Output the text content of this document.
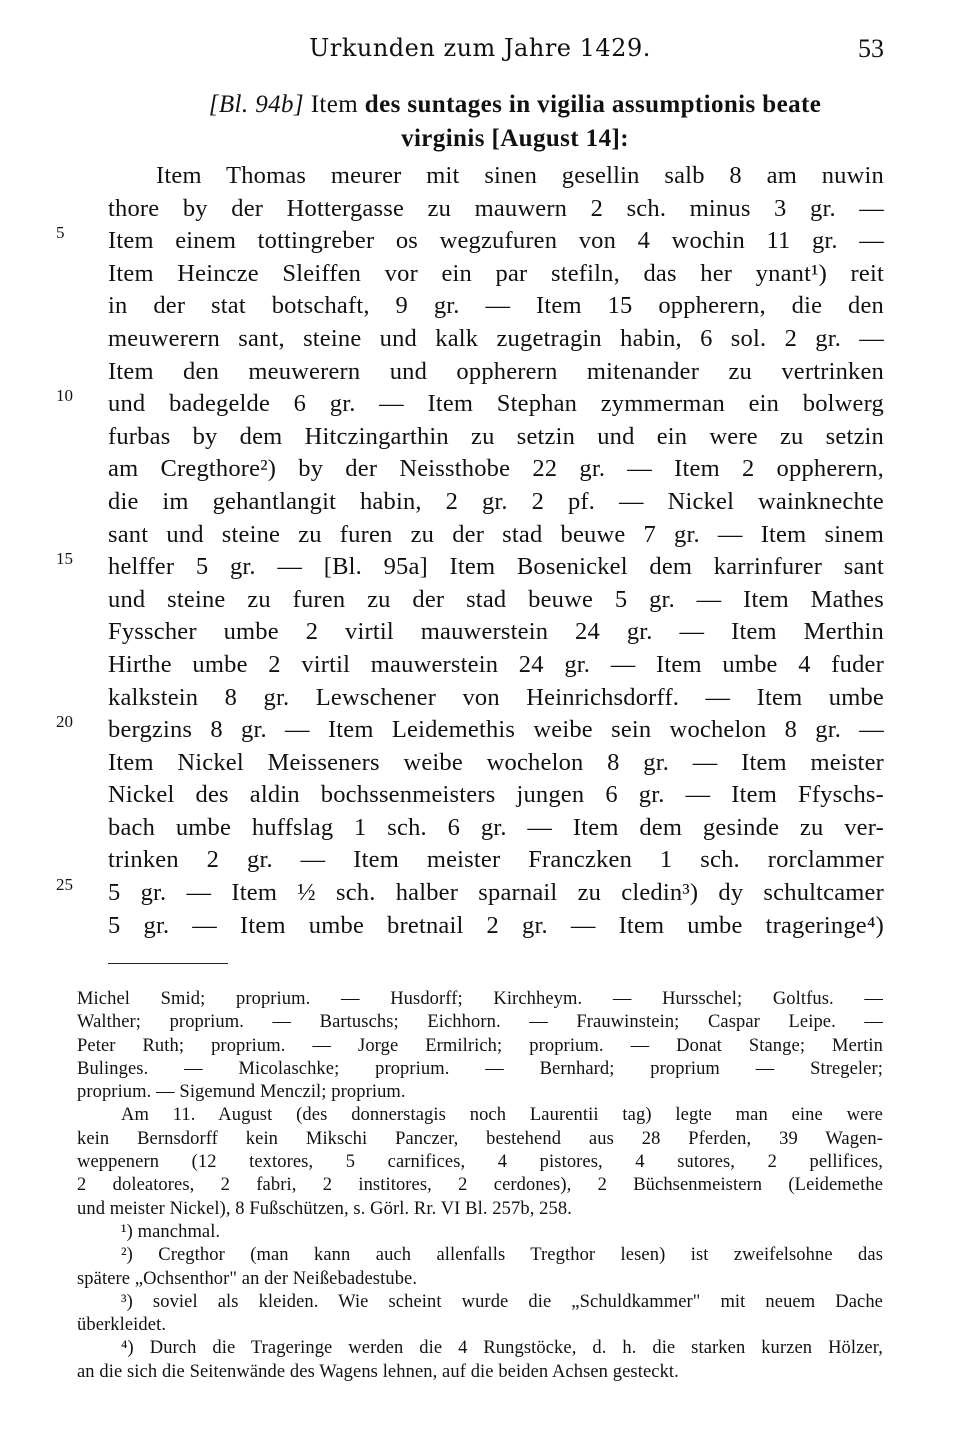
Urkunden zum Jahre 1429.	53
[Bl. 94b] Item des suntages in vigilia assumptionis beate
virginis [August 14]:
5
10
15
20
25
Item Thomas meurer mit sinen gesellin salb 8 am nuwin
thore by der Hottergasse zu mauwern 2 sch. minus 3 gr. —
Item einem tottingreber os wegzufuren von 4 wochin 11 gr. —
Item Heincze Sleiffen vor ein par stefiln, das her ynant¹) reit
in der stat botschaft, 9 gr. — Item 15 oppherern, die den
meuwerern sant, steine und kalk zugetragin habin, 6 sol. 2 gr. —
Item den meuwerern und oppherern mitenander zu vertrinken
und badegelde 6 gr. — Item Stephan zymmerman ein bolwerg
furbas by dem Hitczingarthin zu setzin und ein were zu setzin
am Cregthore²) by der Neissthobe 22 gr. — Item 2 oppherern,
die im gehantlangit habin, 2 gr. 2 pf. — Nickel wainknechte
sant und steine zu furen zu der stad beuwe 7 gr. — Item sinem
helffer 5 gr. — [Bl. 95a] Item Bosenickel dem karrinfurer sant
und steine zu furen zu der stad beuwe 5 gr. — Item Mathes
Fysscher umbe 2 virtil mauwerstein 24 gr. — Item Merthin
Hirthe umbe 2 virtil mauwerstein 24 gr. — Item umbe 4 fuder
kalkstein 8 gr. Lewschener von Heinrichsdorff. — Item umbe
bergzins 8 gr. — Item Leidemethis weibe sein wochelon 8 gr. —
Item Nickel Meisseners weibe wochelon 8 gr. — Item meister
Nickel des aldin bochssenmeisters jungen 6 gr. — Item Ffyschs-
bach umbe huffslag 1 sch. 6 gr. — Item dem gesinde zu ver-
trinken 2 gr. — Item meister Franczken 1 sch. rorclammer
5 gr. — Item ½ sch. halber sparnail zu cledin³) dy schultcamer
5 gr. — Item umbe bretnail 2 gr. — Item umbe trageringe⁴)
Michel Smid; proprium. — Husdorff; Kirchheym. — Hursschel; Goltfus. —
Walther; proprium. — Bartuschs; Eichhorn. — Frauwinstein; Caspar Leipe. —
Peter Ruth; proprium. — Jorge Ermilrich; proprium. — Donat Stange; Mertin
Bulinges. — Micolaschke; proprium. — Bernhard; proprium — Stregeler;
proprium. — Sigemund Menczil; proprium.
Am 11. August (des donnerstagis noch Laurentii tag) legte man eine were
kein Bernsdorff kein Mikschi Panczer, bestehend aus 28 Pferden, 39 Wagen-
weppenern (12 textores, 5 carnifices, 4 pistores, 4 sutores, 2 pellifices,
2 doleatores, 2 fabri, 2 institores, 2 cerdones), 2 Büchsenmeistern (Leidemethe
und meister Nickel), 8 Fußschützen, s. Görl. Rr. VI Bl. 257b, 258.
¹) manchmal.
²) Cregthor (man kann auch allenfalls Tregthor lesen) ist zweifelsohne das
spätere „Ochsenthor" an der Neißebadestube.
³) soviel als kleiden. Wie scheint wurde die „Schuldkammer" mit neuem Dache
überkleidet.
⁴) Durch die Trageringe werden die 4 Rungstöcke, d. h. die starken kurzen Hölzer,
an die sich die Seitenwände des Wagens lehnen, auf die beiden Achsen gesteckt.
